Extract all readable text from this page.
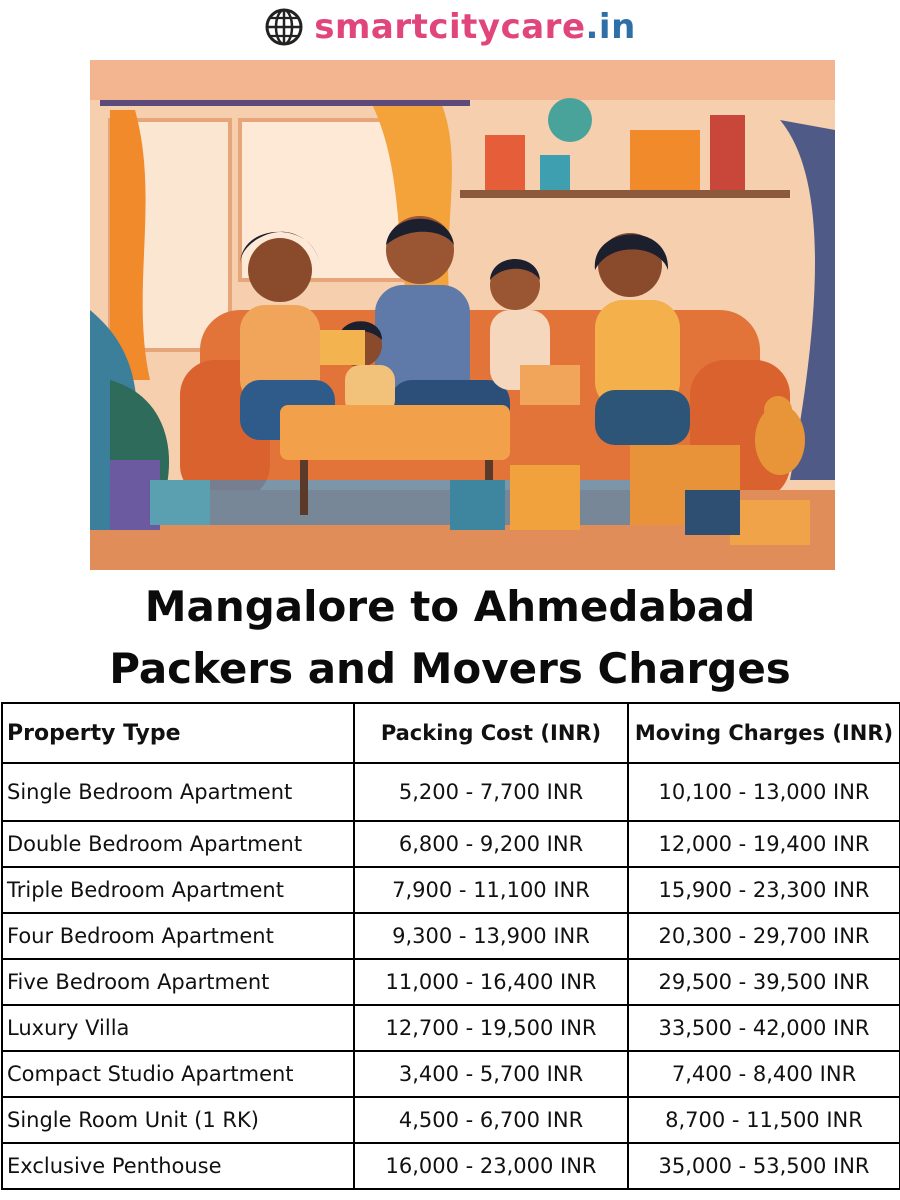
smartcitycare.in
Mangalore to Ahmedabad
Packers and Movers Charges
Property Type	Packing Cost (INR)	Moving Charges (INR)
Single Bedroom Apartment	5,200 - 7,700 INR	10,100 - 13,000 INR
Double Bedroom Apartment	6,800 - 9,200 INR	12,000 - 19,400 INR
Triple Bedroom Apartment	7,900 - 11,100 INR	15,900 - 23,300 INR
Four Bedroom Apartment	9,300 - 13,900 INR	20,300 - 29,700 INR
Five Bedroom Apartment	11,000 - 16,400 INR	29,500 - 39,500 INR
Luxury Villa	12,700 - 19,500 INR	33,500 - 42,000 INR
Compact Studio Apartment	3,400 - 5,700 INR	7,400 - 8,400 INR
Single Room Unit (1 RK)	4,500 - 6,700 INR	8,700 - 11,500 INR
Exclusive Penthouse	16,000 - 23,000 INR	35,000 - 53,500 INR
